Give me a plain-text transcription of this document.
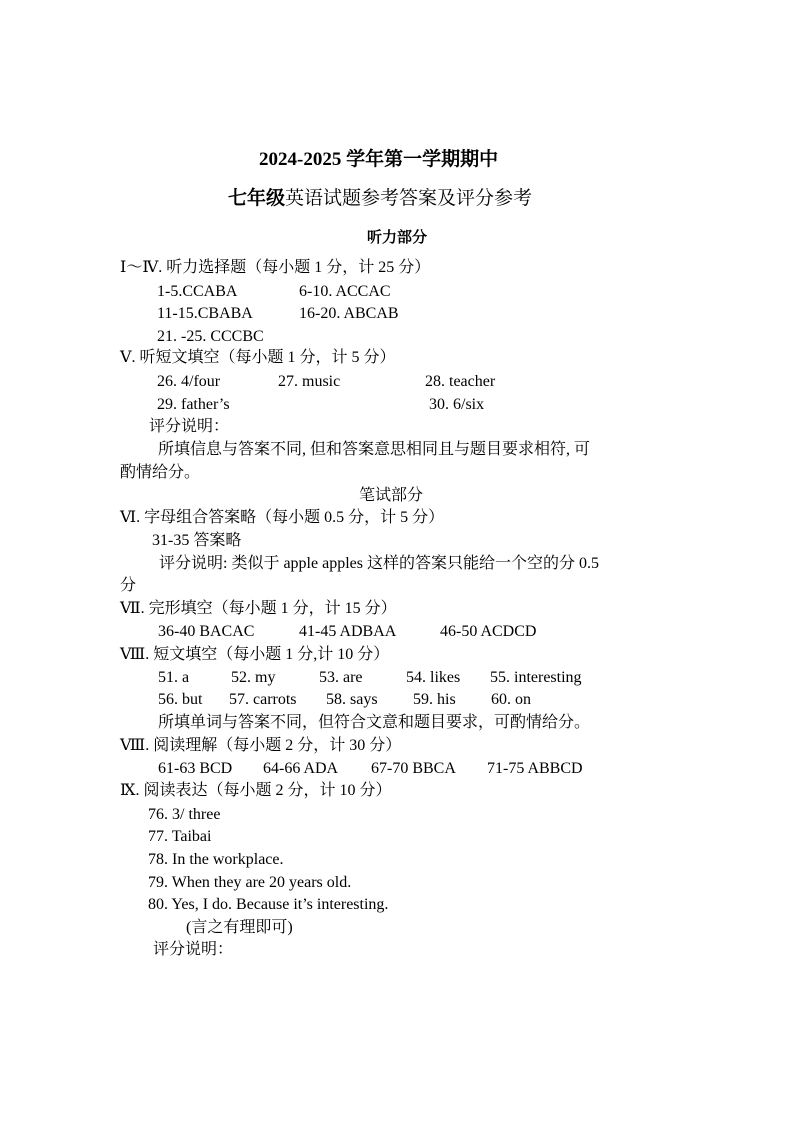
2024-2025 学年第一学期期中
七年级英语试题参考答案及评分参考
听力部分
Ⅰ～Ⅳ. 听力选择题（每小题 1 分，计 25 分）
1-5.CCABA	6-10. ACCAC
11-15.CBABA	16-20. ABCAB
21. -25. CCCBC
Ⅴ. 听短文填空（每小题 1 分，计 5 分）
26. 4/four	27. music	28. teacher
29. father’s	30. 6/six
评分说明：
所填信息与答案不同, 但和答案意思相同且与题目要求相符, 可
酌情给分。
笔试部分
Ⅵ. 字母组合答案略（每小题 0.5 分，计 5 分）
31-35 答案略
评分说明: 类似于 apple apples 这样的答案只能给一个空的分 0.5
分
Ⅶ. 完形填空（每小题 1 分，计 15 分）
36-40 BACAC	41-45 ADBAA	46-50 ACDCD
Ⅷ. 短文填空（每小题 1 分,计 10 分）
51. a	52. my	53. are	54. likes 55. interesting
56. but 57. carrots 58. says 59. his 60. on
所填单词与答案不同，但符合文意和题目要求，可酌情给分。
Ⅷ. 阅读理解（每小题 2 分，计 30 分）
61-63 BCD 64-66 ADA 67-70 BBCA 71-75 ABBCD
Ⅸ. 阅读表达（每小题 2 分，计 10 分）
76. 3/ three
77. Taibai
78. In the workplace.
79. When they are 20 years old.
80. Yes, I do. Because it’s interesting.
(言之有理即可)
评分说明：
